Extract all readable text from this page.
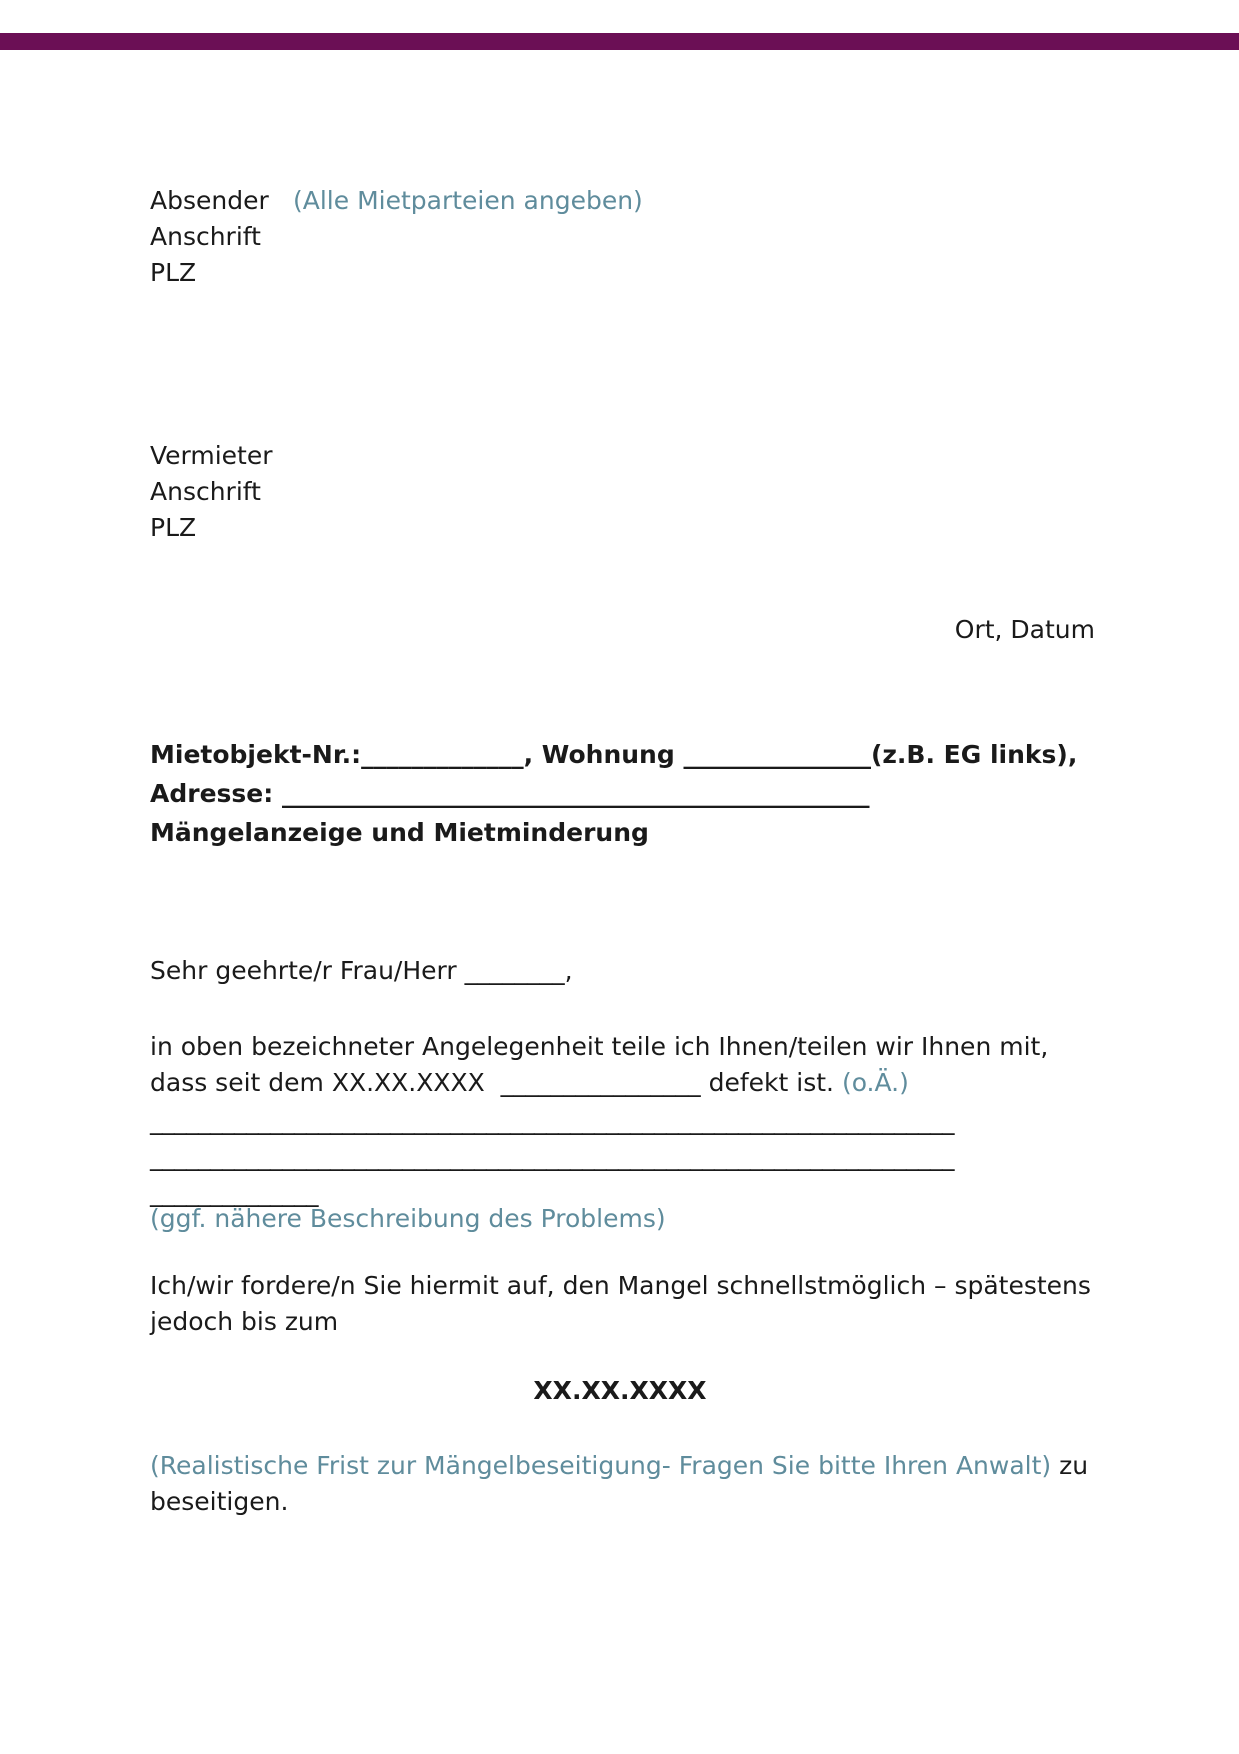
Absender (Alle Mietparteien angeben)
Anschrift
PLZ
Vermieter
Anschrift
PLZ
Ort, Datum
Mietobjekt-Nr.:_____________, Wohnung _______________(z.B. EG links),
Adresse: _______________________________________________
Mängelanzeige und Mietminderung
Sehr geehrte/r Frau/Herr ________,
in oben bezeichneter Angelegenheit teile ich Ihnen/teilen wir Ihnen mit,
dass seit dem XX.XX.XXXX ________________ defekt ist. (o.Ä.)
___________________________________________________________________
___________________________________________________________________
______________
(ggf. nähere Beschreibung des Problems)
Ich/wir fordere/n Sie hiermit auf, den Mangel schnellstmöglich – spätestens
jedoch bis zum
XX.XX.XXXX
(Realistische Frist zur Mängelbeseitigung- Fragen Sie bitte Ihren Anwalt) zu
beseitigen.
